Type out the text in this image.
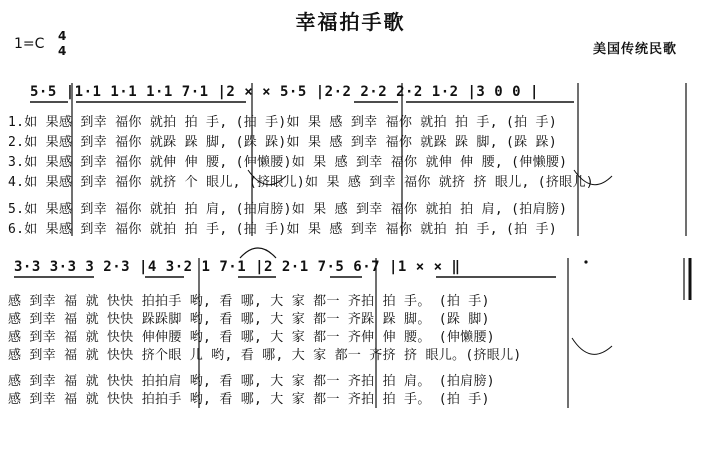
幸福拍手歌
1=C 4
4	美国传统民歌
5·5 |1·1 1·1 1·1 7·1 |2 × × 5·5 |2·2 2·2 2·2 1·2 |3 0 0 |
1.如 果感 到幸 福你 就拍 拍 手, (拍 手)如 果 感 到幸 福你 就拍 拍 手, (拍 手)
2.如 果感 到幸 福你 就跺 跺 脚, (跺 跺)如 果 感 到幸 福你 就跺 跺 脚, (跺 跺)
3.如 果感 到幸 福你 就伸 伸 腰, (伸懒腰)如 果 感 到幸 福你 就伸 伸 腰, (伸懒腰)
4.如 果感 到幸 福你 就挤 个 眼儿, (挤眼儿)如 果 感 到幸 福你 就挤 挤 眼儿, (挤眼儿)
5.如 果感 到幸 福你 就拍 拍 肩, (拍肩膀)如 果 感 到幸 福你 就拍 拍 肩, (拍肩膀)
6.如 果感 到幸 福你 就拍 拍 手, (拍 手)如 果 感 到幸 福你 就拍 拍 手, (拍 手)
3·3 3·3 3 2·3 |4 3·2 1 7·1 |2 2·1 7·5 6·7 |1 × × ‖
感 到幸 福 就 快快 拍拍手 哟, 看 哪, 大 家 都一 齐拍 拍 手。 (拍 手)
感 到幸 福 就 快快 跺跺脚 哟, 看 哪, 大 家 都一 齐跺 跺 脚。 (跺 脚)
感 到幸 福 就 快快 伸伸腰 哟, 看 哪, 大 家 都一 齐伸 伸 腰。 (伸懒腰)
感 到幸 福 就 快快 挤个眼 儿 哟, 看 哪, 大 家 都一 齐挤 挤 眼儿。(挤眼儿)
感 到幸 福 就 快快 拍拍肩 哟, 看 哪, 大 家 都一 齐拍 拍 肩。 (拍肩膀)
感 到幸 福 就 快快 拍拍手 哟, 看 哪, 大 家 都一 齐拍 拍 手。 (拍 手)
